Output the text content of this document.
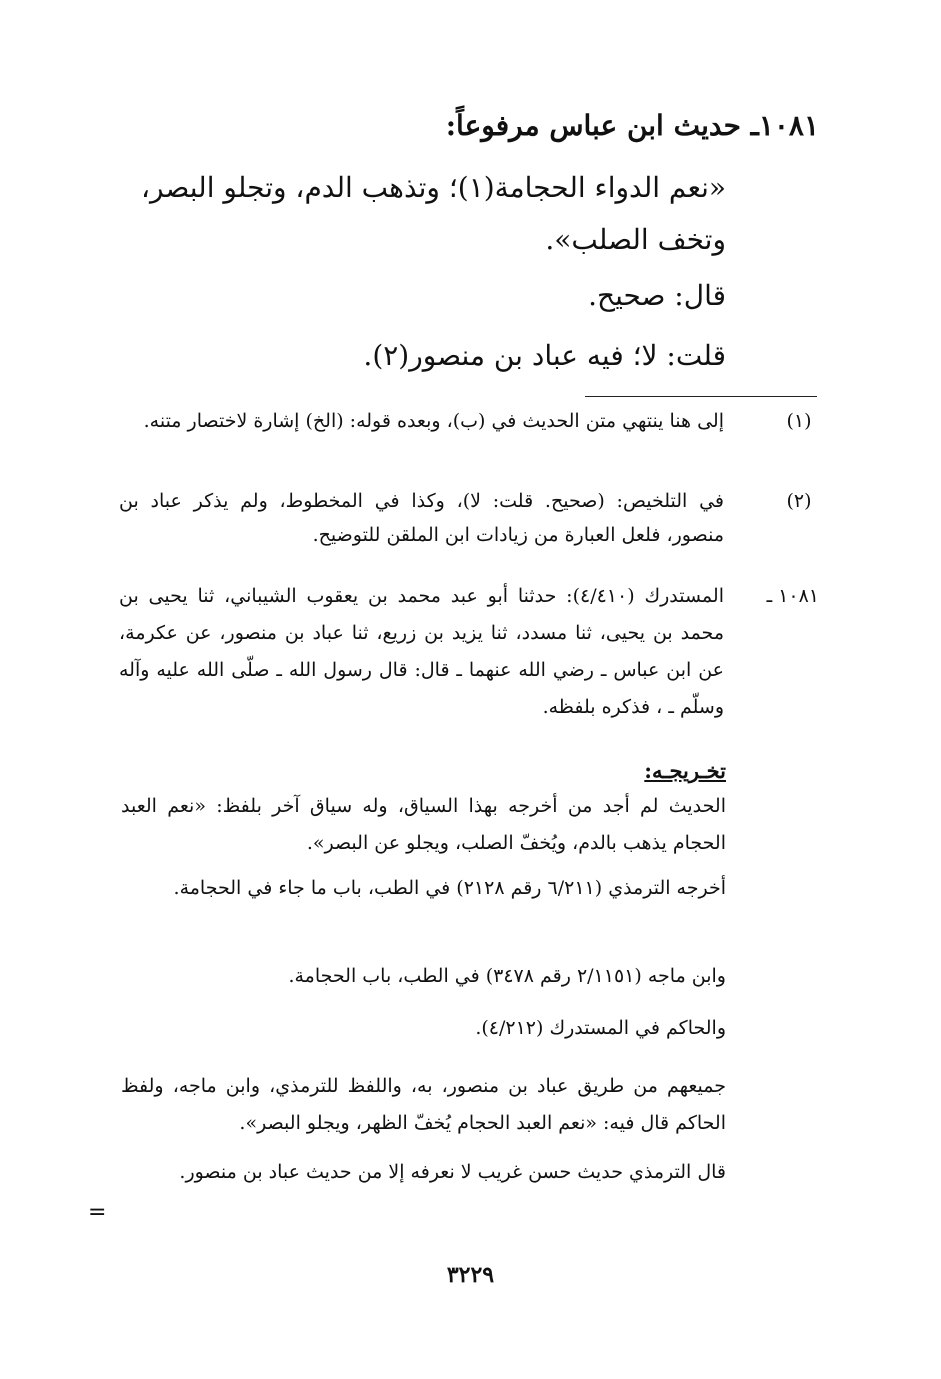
١٠٨١ـ حديث ابن عباس مرفوعاً:
«نعم الدواء الحجامة(١)؛ وتذهب الدم، وتجلو البصر، وتخف الصلب».
قال: صحيح.
قلت: لا؛ فيه عباد بن منصور(٢).
(١)
إلى هنا ينتهي متن الحديث في (ب)، وبعده قوله: (الخ) إشارة لاختصار متنه.
(٢)
في التلخيص: (صحيح. قلت: لا)، وكذا في المخطوط، ولم يذكر عباد بن منصور، فلعل العبارة من زيادات ابن الملقن للتوضيح.
١٠٨١ ـ
المستدرك (٤/٤١٠): حدثنا أبو عبد محمد بن يعقوب الشيباني، ثنا يحيى بن محمد بن يحيى، ثنا مسدد، ثنا يزيد بن زريع، ثنا عباد بن منصور، عن عكرمة، عن ابن عباس ـ رضي الله عنهما ـ قال: قال رسول الله ـ صلّى الله عليه وآله وسلّم ـ ، فذكره بلفظه.
تخـريجـه:
الحديث لم أجد من أخرجه بهذا السياق، وله سياق آخر بلفظ: «نعم العبد الحجام يذهب بالدم، ويُخفّ الصلب، ويجلو عن البصر».
أخرجه الترمذي (٦/٢١١ رقم ٢١٢٨) في الطب، باب ما جاء في الحجامة.
وابن ماجه (٢/١١٥١ رقم ٣٤٧٨) في الطب، باب الحجامة.
والحاكم في المستدرك (٤/٢١٢).
جميعهم من طريق عباد بن منصور، به، واللفظ للترمذي، وابن ماجه، ولفظ الحاكم قال فيه: «نعم العبد الحجام يُخفّ الظهر، ويجلو البصر».
قال الترمذي حديث حسن غريب لا نعرفه إلا من حديث عباد بن منصور.
=
٣٢٢٩
